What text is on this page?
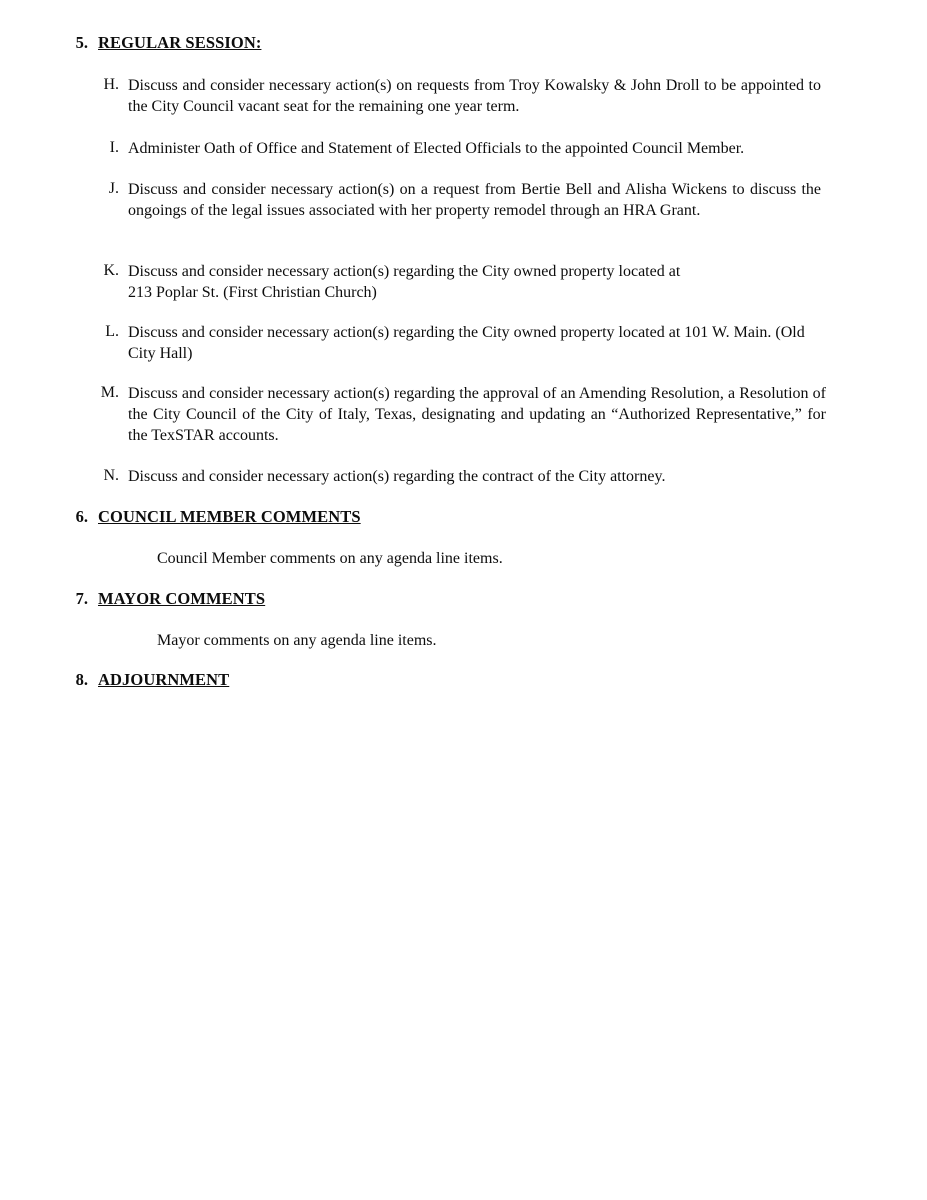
5. REGULAR SESSION:
H. Discuss and consider necessary action(s) on requests from Troy Kowalsky & John Droll to be appointed to the City Council vacant seat for the remaining one year term.
I. Administer Oath of Office and Statement of Elected Officials to the appointed Council Member.
J. Discuss and consider necessary action(s) on a request from Bertie Bell and Alisha Wickens to discuss the ongoings of the legal issues associated with her property remodel through an HRA Grant.
K. Discuss and consider necessary action(s) regarding the City owned property located at
213 Poplar St. (First Christian Church)
L. Discuss and consider necessary action(s) regarding the City owned property located at 101 W. Main. (Old City Hall)
M. Discuss and consider necessary action(s) regarding the approval of an Amending Resolution, a Resolution of the City Council of the City of Italy, Texas, designating and updating an “Authorized Representative,” for the TexSTAR accounts.
N. Discuss and consider necessary action(s) regarding the contract of the City attorney.
6. COUNCIL MEMBER COMMENTS
Council Member comments on any agenda line items.
7. MAYOR COMMENTS
Mayor comments on any agenda line items.
8. ADJOURNMENT
